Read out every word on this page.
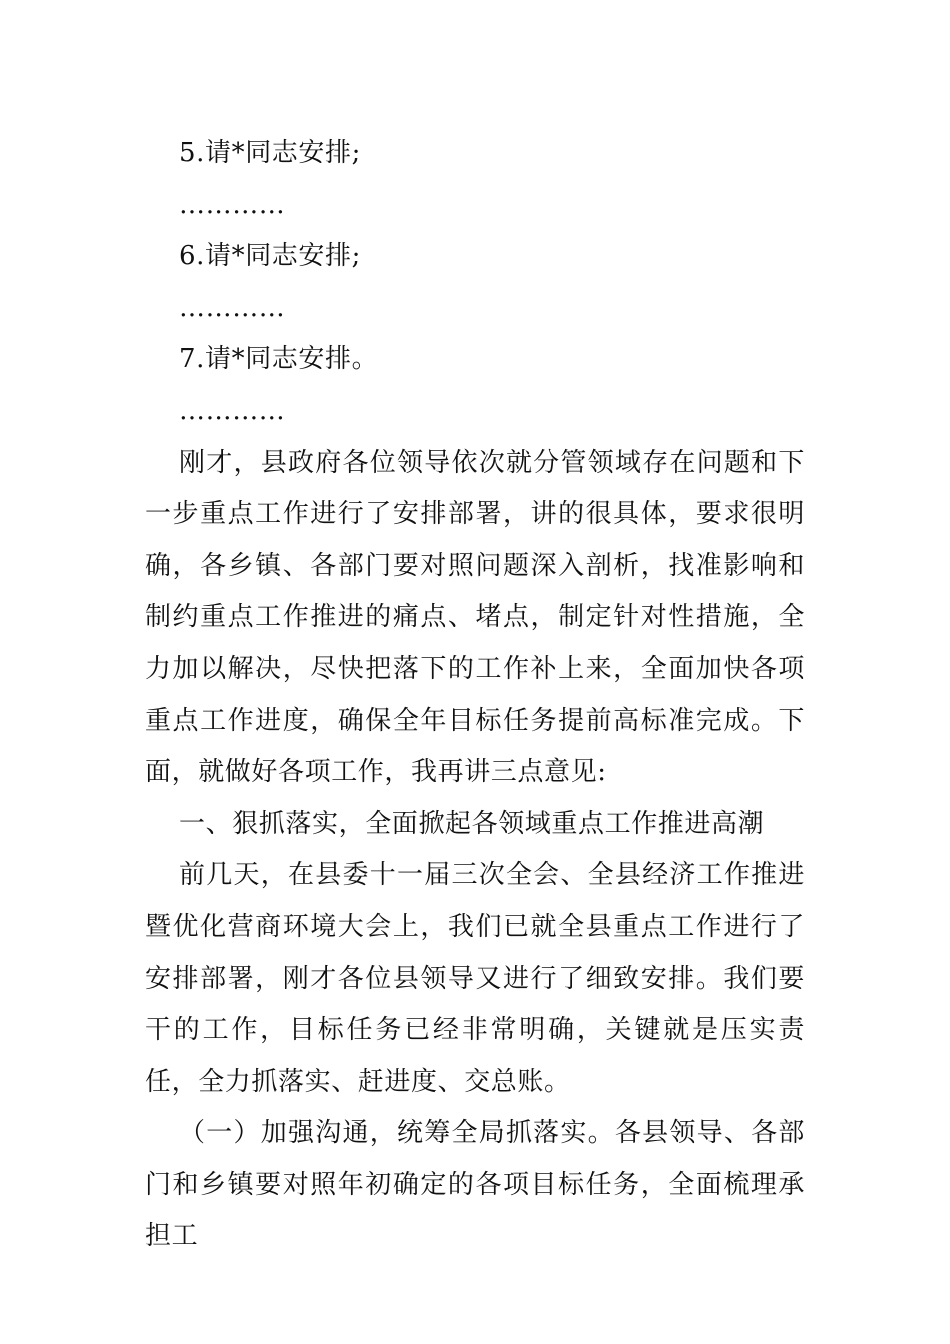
5.请*同志安排;
…………
6.请*同志安排;
…………
7.请*同志安排。
…………

刚才，县政府各位领导依次就分管领域存在问题和下一步重点工作进行了安排部署，讲的很具体，要求很明确，各乡镇、各部门要对照问题深入剖析，找准影响和制约重点工作推进的痛点、堵点，制定针对性措施，全力加以解决，尽快把落下的工作补上来，全面加快各项重点工作进度，确保全年目标任务提前高标准完成。下面，就做好各项工作，我再讲三点意见:

一、狠抓落实，全面掀起各领域重点工作推进高潮

前几天，在县委十一届三次全会、全县经济工作推进暨优化营商环境大会上，我们已就全县重点工作进行了安排部署，刚才各位县领导又进行了细致安排。我们要干的工作，目标任务已经非常明确，关键就是压实责任，全力抓落实、赶进度、交总账。

（一）加强沟通，统筹全局抓落实。各县领导、各部门和乡镇要对照年初确定的各项目标任务，全面梳理承担工
